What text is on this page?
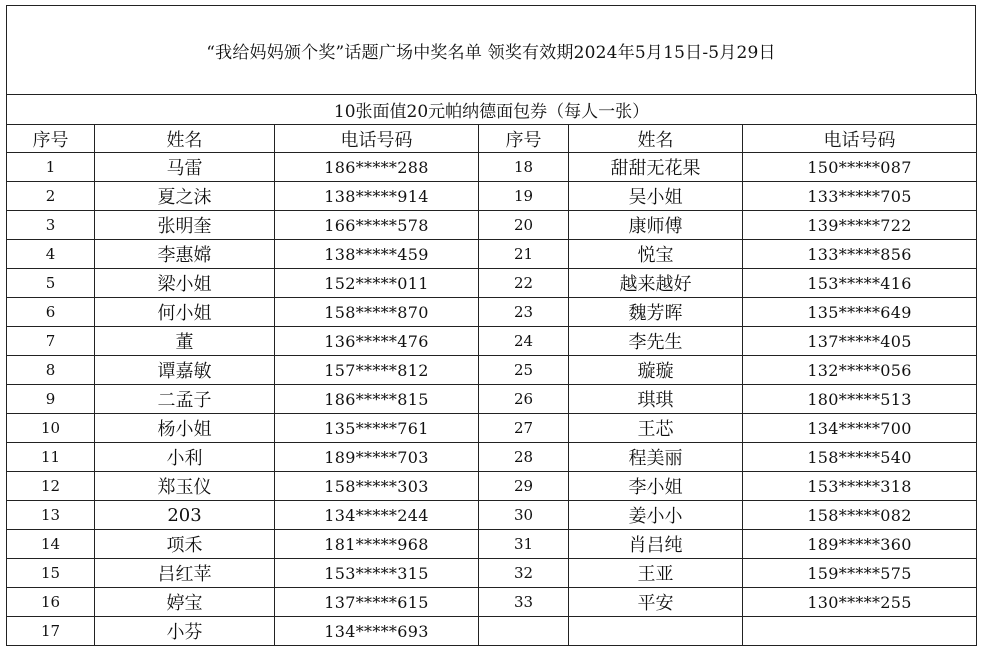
“我给妈妈颁个奖”话题广场中奖名单 领奖有效期2024年5月15日-5月29日
10张面值20元帕纳德面包券（每人一张）					
序号	姓名	电话号码	序号	姓名	电话号码
1	马雷	186*****288	18	甜甜无花果	150*****087
2	夏之沫	138*****914	19	吴小姐	133*****705
3	张明奎	166*****578	20	康师傅	139*****722
4	李惠嫦	138*****459	21	悦宝	133*****856
5	梁小姐	152*****011	22	越来越好	153*****416
6	何小姐	158*****870	23	魏芳晖	135*****649
7	董	136*****476	24	李先生	137*****405
8	谭嘉敏	157*****812	25	璇璇	132*****056
9	二孟子	186*****815	26	琪琪	180*****513
10	杨小姐	135*****761	27	王芯	134*****700
11	小利	189*****703	28	程美丽	158*****540
12	郑玉仪	158*****303	29	李小姐	153*****318
13	203	134*****244	30	姜小小	158*****082
14	项禾	181*****968	31	肖吕纯	189*****360
15	吕红苹	153*****315	32	王亚	159*****575
16	婷宝	137*****615	33	平安	130*****255
17	小芬	134*****693			
